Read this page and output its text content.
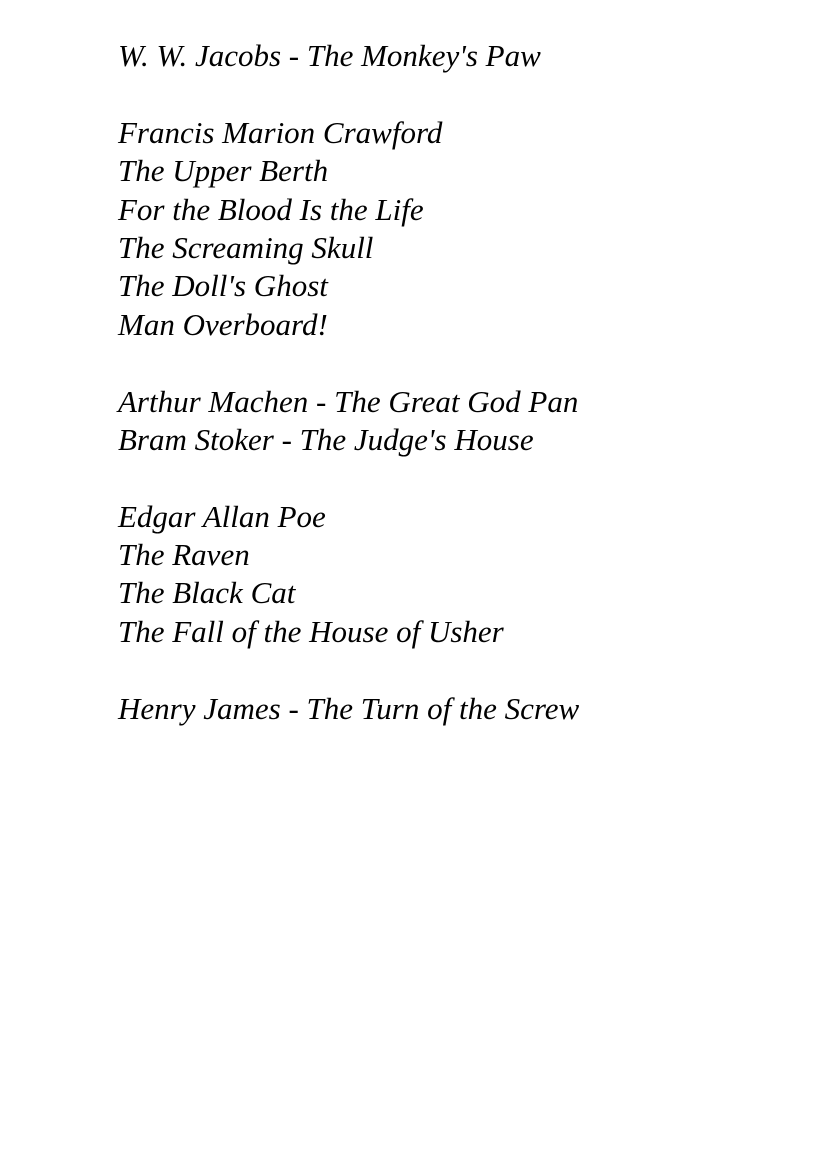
W. W. Jacobs - The Monkey's Paw
Francis Marion Crawford
The Upper Berth
For the Blood Is the Life
The Screaming Skull
The Doll's Ghost
Man Overboard!
Arthur Machen - The Great God Pan
Bram Stoker - The Judge's House
Edgar Allan Poe
The Raven
The Black Cat
The Fall of the House of Usher
Henry James - The Turn of the Screw
